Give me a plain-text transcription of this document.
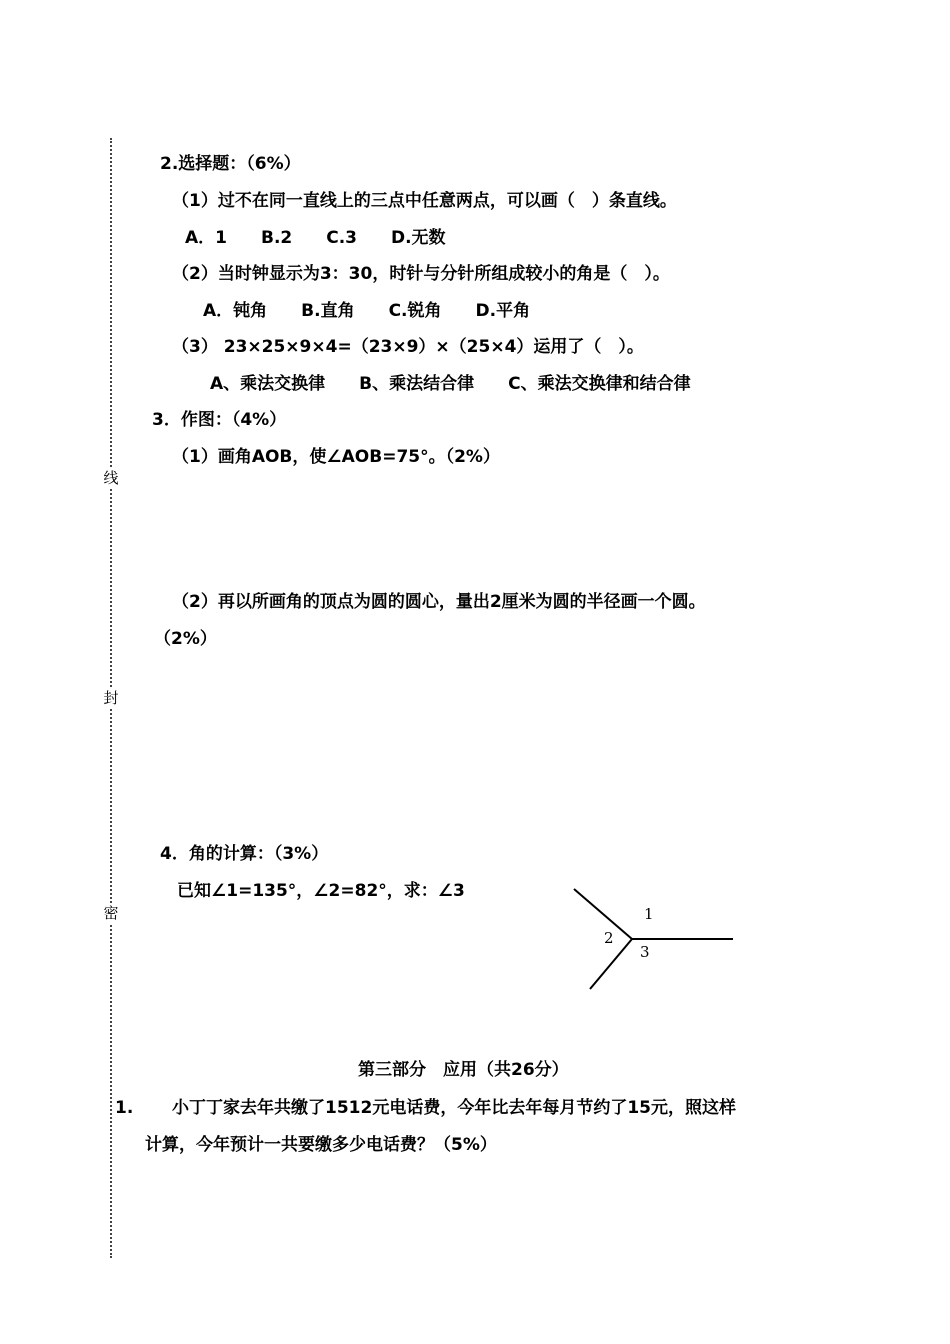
线
封
密
2.选择题：（6%）
（1）过不在同一直线上的三点中任意两点，可以画（　）条直线。
A．1　　B.2　　C.3　　D.无数
（2）当时钟显示为3：30，时针与分针所组成较小的角是（　）。
A．钝角　　B.直角　　C.锐角　　D.平角
（3） 23×25×9×4=（23×9）×（25×4）运用了（　）。
A、乘法交换律　　B、乘法结合律　　C、乘法交换律和结合律
3．作图：（4%）
（1）画角AOB，使∠AOB=75°。（2%）
（2）再以所画角的顶点为圆的圆心，量出2厘米为圆的半径画一个圆。
（2%）
4．角的计算：（3%）
已知∠1=135°，∠2=82°，求：∠3
1
2
3
第三部分　应用（共26分）
1. 小丁丁家去年共缴了1512元电话费，今年比去年每月节约了15元，照这样
计算，今年预计一共要缴多少电话费？（5%）
